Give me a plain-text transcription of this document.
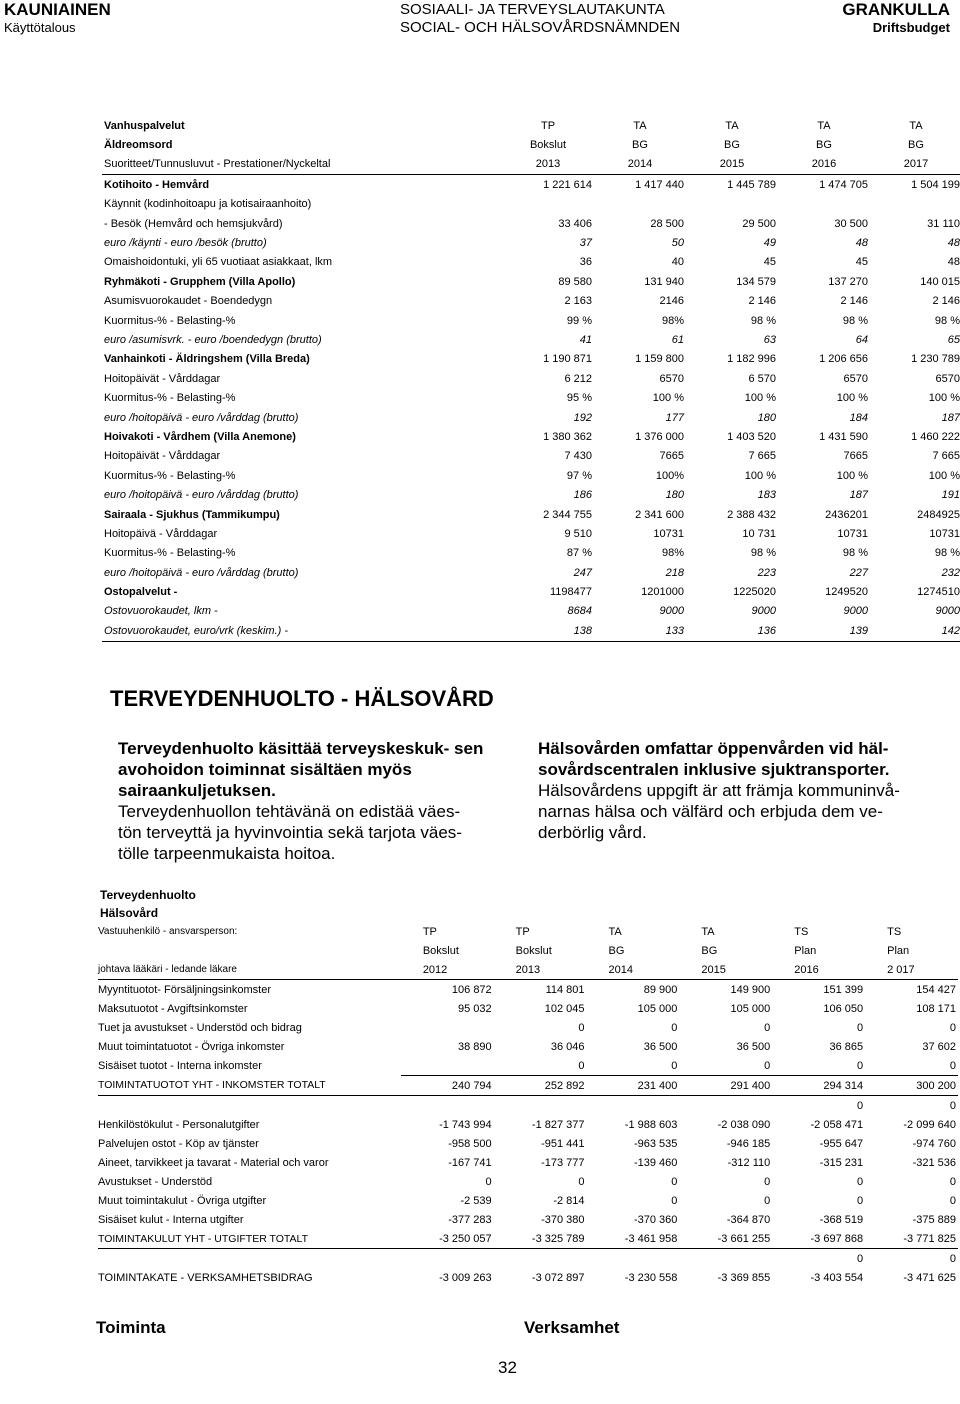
KAUNIAINEN
Käyttötalous
SOSIAALI- JA TERVEYSLAUTAKUNTA
SOCIAL- OCH HÄLSOVÅRDSNÄMNDEN
GRANKULLA
Driftsbudget
Vanhuspalvelut	TP	TA	TA	TA	TA
Äldreomsord	Bokslut	BG	BG	BG	BG
Suoritteet/Tunnusluvut - Prestationer/Nyckeltal	2013	2014	2015	2016	2017
Kotihoito - Hemvård	1 221 614	1 417 440	1 445 789	1 474 705	1 504 199
Käynnit (kodinhoitoapu ja kotisairaanhoito)					
- Besök (Hemvård och hemsjukvård)	33 406	28 500	29 500	30 500	31 110
euro /käynti - euro /besök (brutto)	37	50	49	48	48
Omaishoidontuki, yli 65 vuotiaat asiakkaat, lkm	36	40	45	45	48
Ryhmäkoti - Grupphem (Villa Apollo)	89 580	131 940	134 579	137 270	140 015
Asumisvuorokaudet - Boendedygn	2 163	2146	2 146	2 146	2 146
Kuormitus-% - Belasting-%	99 %	98%	98 %	98 %	98 %
euro /asumisvrk. - euro /boendedygn (brutto)	41	61	63	64	65
Vanhainkoti - Äldringshem (Villa Breda)	1 190 871	1 159 800	1 182 996	1 206 656	1 230 789
Hoitopäivät - Vårddagar	6 212	6570	6 570	6570	6570
Kuormitus-% - Belasting-%	95 %	100 %	100 %	100 %	100 %
euro /hoitopäivä - euro /vårddag (brutto)	192	177	180	184	187
Hoivakoti - Vårdhem (Villa Anemone)	1 380 362	1 376 000	1 403 520	1 431 590	1 460 222
Hoitopäivät - Vårddagar	7 430	7665	7 665	7665	7 665
Kuormitus-% - Belasting-%	97 %	100%	100 %	100 %	100 %
euro /hoitopäivä - euro /vårddag (brutto)	186	180	183	187	191
Sairaala - Sjukhus (Tammikumpu)	2 344 755	2 341 600	2 388 432	2436201	2484925
Hoitopäivä - Vårddagar	9 510	10731	10 731	10731	10731
Kuormitus-% - Belasting-%	87 %	98%	98 %	98 %	98 %
euro /hoitopäivä - euro /vårddag (brutto)	247	218	223	227	232
Ostopalvelut -	1198477	1201000	1225020	1249520	1274510
Ostovuorokaudet, lkm -	8684	9000	9000	9000	9000
Ostovuorokaudet, euro/vrk (keskim.) -	138	133	136	139	142
TERVEYDENHUOLTO - HÄLSOVÅRD
Terveydenhuolto käsittää terveyskeskuk- sen avohoidon toiminnat sisältäen myös sairaankuljetuksen.
Terveydenhuollon tehtävänä on edistää väes- tön terveyttä ja hyvinvointia sekä tarjota väes- tölle tarpeenmukaista hoitoa.
Hälsovården omfattar öppenvården vid häl- sovårdscentralen inklusive sjuktransporter.
Hälsovårdens uppgift är att främja kommuninvå- narnas hälsa och välfärd och erbjuda dem ve- derbörlig vård.
Terveydenhuolto
Hälsovård
Vastuuhenkilö - ansvarsperson:	TP	TP	TA	TA	TS	TS
	Bokslut	Bokslut	BG	BG	Plan	Plan
johtava lääkäri - ledande läkare	2012	2013	2014	2015	2016	2 017
Myyntituotot- Försäljningsinkomster	106 872	114 801	89 900	149 900	151 399	154 427
Maksutuotot - Avgiftsinkomster	95 032	102 045	105 000	105 000	106 050	108 171
Tuet ja avustukset - Understöd och bidrag		0	0	0	0	0
Muut toimintatuotot - Övriga inkomster	38 890	36 046	36 500	36 500	36 865	37 602
Sisäiset tuotot - Interna inkomster		0	0	0	0	0
TOIMINTATUOTOT YHT - INKOMSTER TOTALT	240 794	252 892	231 400	291 400	294 314	300 200
					0	0
Henkilöstökulut - Personalutgifter	-1 743 994	-1 827 377	-1 988 603	-2 038 090	-2 058 471	-2 099 640
Palvelujen ostot - Köp av tjänster	-958 500	-951 441	-963 535	-946 185	-955 647	-974 760
Aineet, tarvikkeet ja tavarat - Material och varor	-167 741	-173 777	-139 460	-312 110	-315 231	-321 536
Avustukset - Understöd	0	0	0	0	0	0
Muut toimintakulut - Övriga utgifter	-2 539	-2 814	0	0	0	0
Sisäiset kulut - Interna utgifter	-377 283	-370 380	-370 360	-364 870	-368 519	-375 889
TOIMINTAKULUT YHT - UTGIFTER TOTALT	-3 250 057	-3 325 789	-3 461 958	-3 661 255	-3 697 868	-3 771 825
					0	0
TOIMINTAKATE - VERKSAMHETSBIDRAG	-3 009 263	-3 072 897	-3 230 558	-3 369 855	-3 403 554	-3 471 625
Toiminta	Verksamhet
32
